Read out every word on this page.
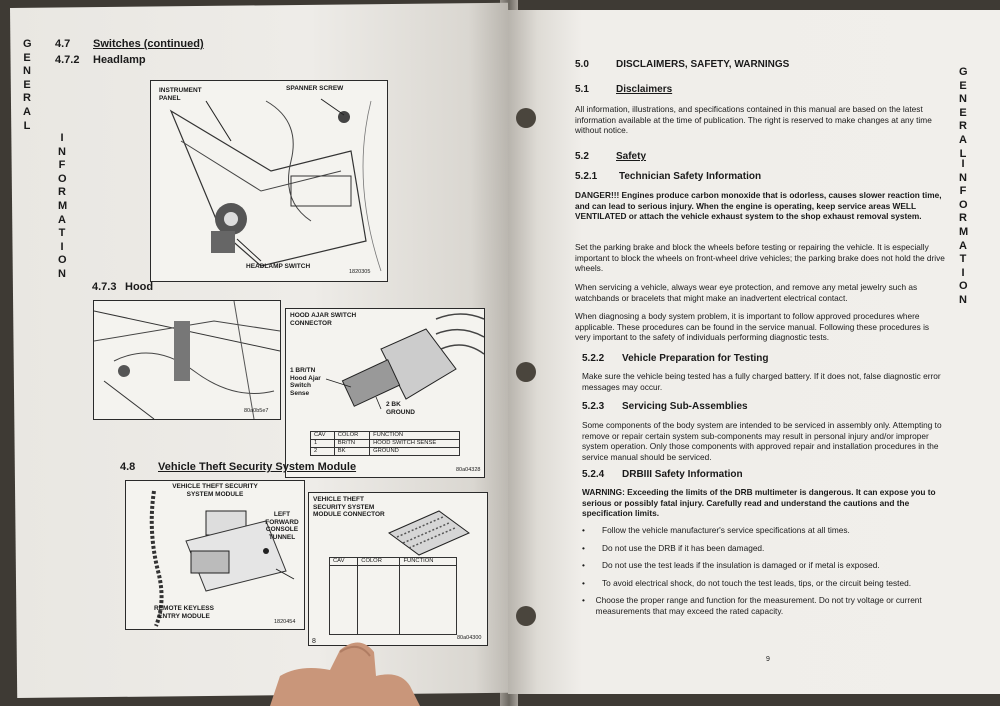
GENERAL
INFORMATION
4.7 Switches (continued)
4.7.2 Headlamp
INSTRUMENT PANEL
SPANNER SCREW
HEADLAMP SWITCH
1820305
4.7.3 Hood
80a0b5e7
HOOD AJAR SWITCH CONNECTOR
1 BR/TN Hood Ajar Switch Sense
2 BK GROUND
CAV	COLOR	FUNCTION
1	BR/TN	HOOD SWITCH SENSE
2	BK	GROUND
80a04328
4.8 Vehicle Theft Security System Module
VEHICLE THEFT SECURITY SYSTEM MODULE
LEFT FORWARD CONSOLE TUNNEL
REMOTE KEYLESS ENTRY MODULE
1820454
VEHICLE THEFT SECURITY SYSTEM MODULE CONNECTOR
CAV	COLOR	FUNCTION

80a04300
8
GENERAL
INFORMATION
5.0	DISCLAIMERS, SAFETY, WARNINGS
5.1	Disclaimers
All information, illustrations, and specifications contained in this manual are based on the latest information available at the time of publication. The right is reserved to make changes at any time without notice.
5.2	Safety
5.2.1 Technician Safety Information
DANGER!!! Engines produce carbon monoxide that is odorless, causes slower reaction time, and can lead to serious injury. When the engine is operating, keep service areas WELL VENTILATED or attach the vehicle exhaust system to the shop exhaust removal system.
Set the parking brake and block the wheels before testing or repairing the vehicle. It is especially important to block the wheels on front-wheel drive vehicles; the parking brake does not hold the drive wheels.
When servicing a vehicle, always wear eye protection, and remove any metal jewelry such as watchbands or bracelets that might make an inadvertent electrical contact.
When diagnosing a body system problem, it is important to follow approved procedures where applicable. These procedures can be found in the service manual. Following these procedures is very important to the safety of individuals performing diagnostic tests.
5.2.2 Vehicle Preparation for Testing
Make sure the vehicle being tested has a fully charged battery. If it does not, false diagnostic error messages may occur.
5.2.3 Servicing Sub-Assemblies
Some components of the body system are intended to be serviced in assembly only. Attempting to remove or repair certain system sub-components may result in personal injury and/or improper system operation. Only those components with approved repair and installation procedures in the service manual should be serviced.
5.2.4 DRBIII Safety Information
WARNING: Exceeding the limits of the DRB multimeter is dangerous. It can expose you to serious or possibly fatal injury. Carefully read and understand the cautions and the specification limits.
•	Follow the vehicle manufacturer's service specifications at all times.
•	Do not use the DRB if it has been damaged.
•	Do not use the test leads if the insulation is damaged or if metal is exposed.
•	To avoid electrical shock, do not touch the test leads, tips, or the circuit being tested.
•	Choose the proper range and function for the measurement. Do not try voltage or current measurements that may exceed the rated capacity.
9
